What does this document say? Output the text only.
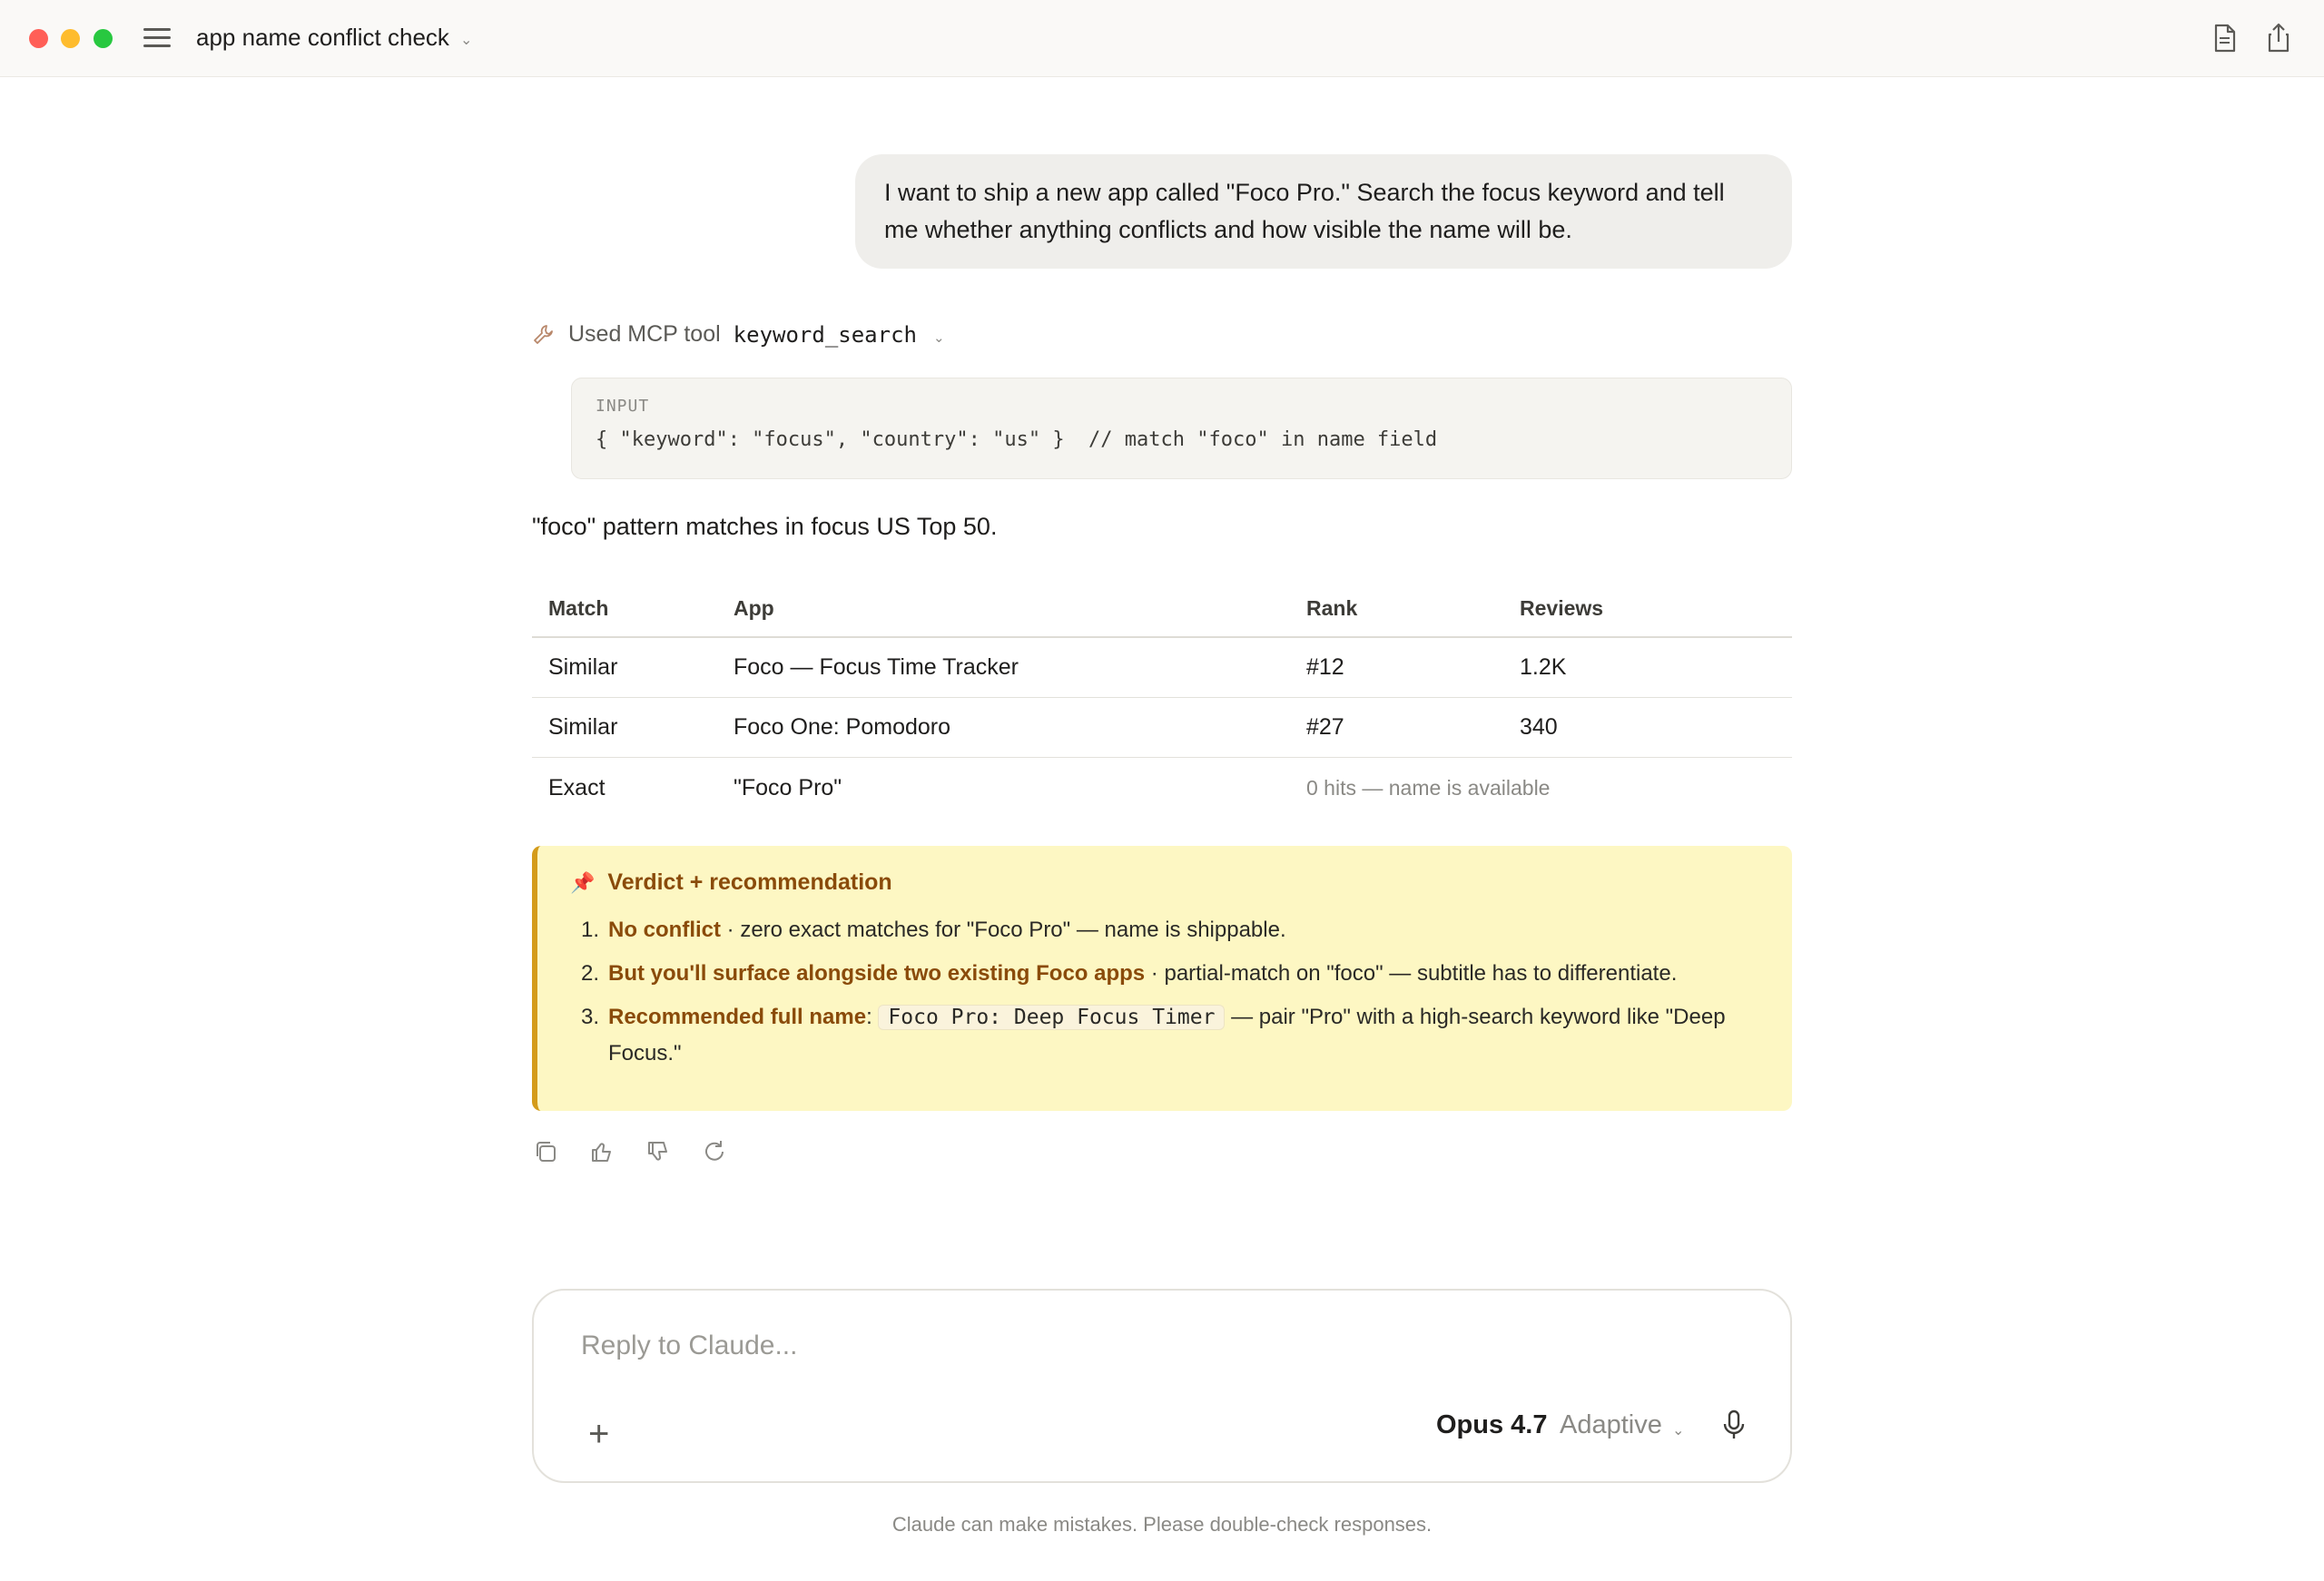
app name conflict check ⌄
I want to ship a new app called "Foco Pro." Search the focus keyword and tell me whether anything conflicts and how visible the name will be.
Used MCP tool keyword_search ⌄
INPUT
{ "keyword": "focus", "country": "us" }  // match "foco" in name field
"foco" pattern matches in focus US Top 50.
Match	App	Rank	Reviews
Similar	Foco — Focus Time Tracker	#12	1.2K
Similar	Foco One: Pomodoro	#27	340
Exact	"Foco Pro"	0 hits — name is available
📌 Verdict + recommendation
1. No conflict · zero exact matches for "Foco Pro" — name is shippable.
2. But you'll surface alongside two existing Foco apps · partial-match on "foco" — subtitle has to differentiate.
3. Recommended full name: Foco Pro: Deep Focus Timer — pair "Pro" with a high-search keyword like "Deep Focus."
Reply to Claude...
+	Opus 4.7 Adaptive ⌄
Claude can make mistakes. Please double-check responses.
